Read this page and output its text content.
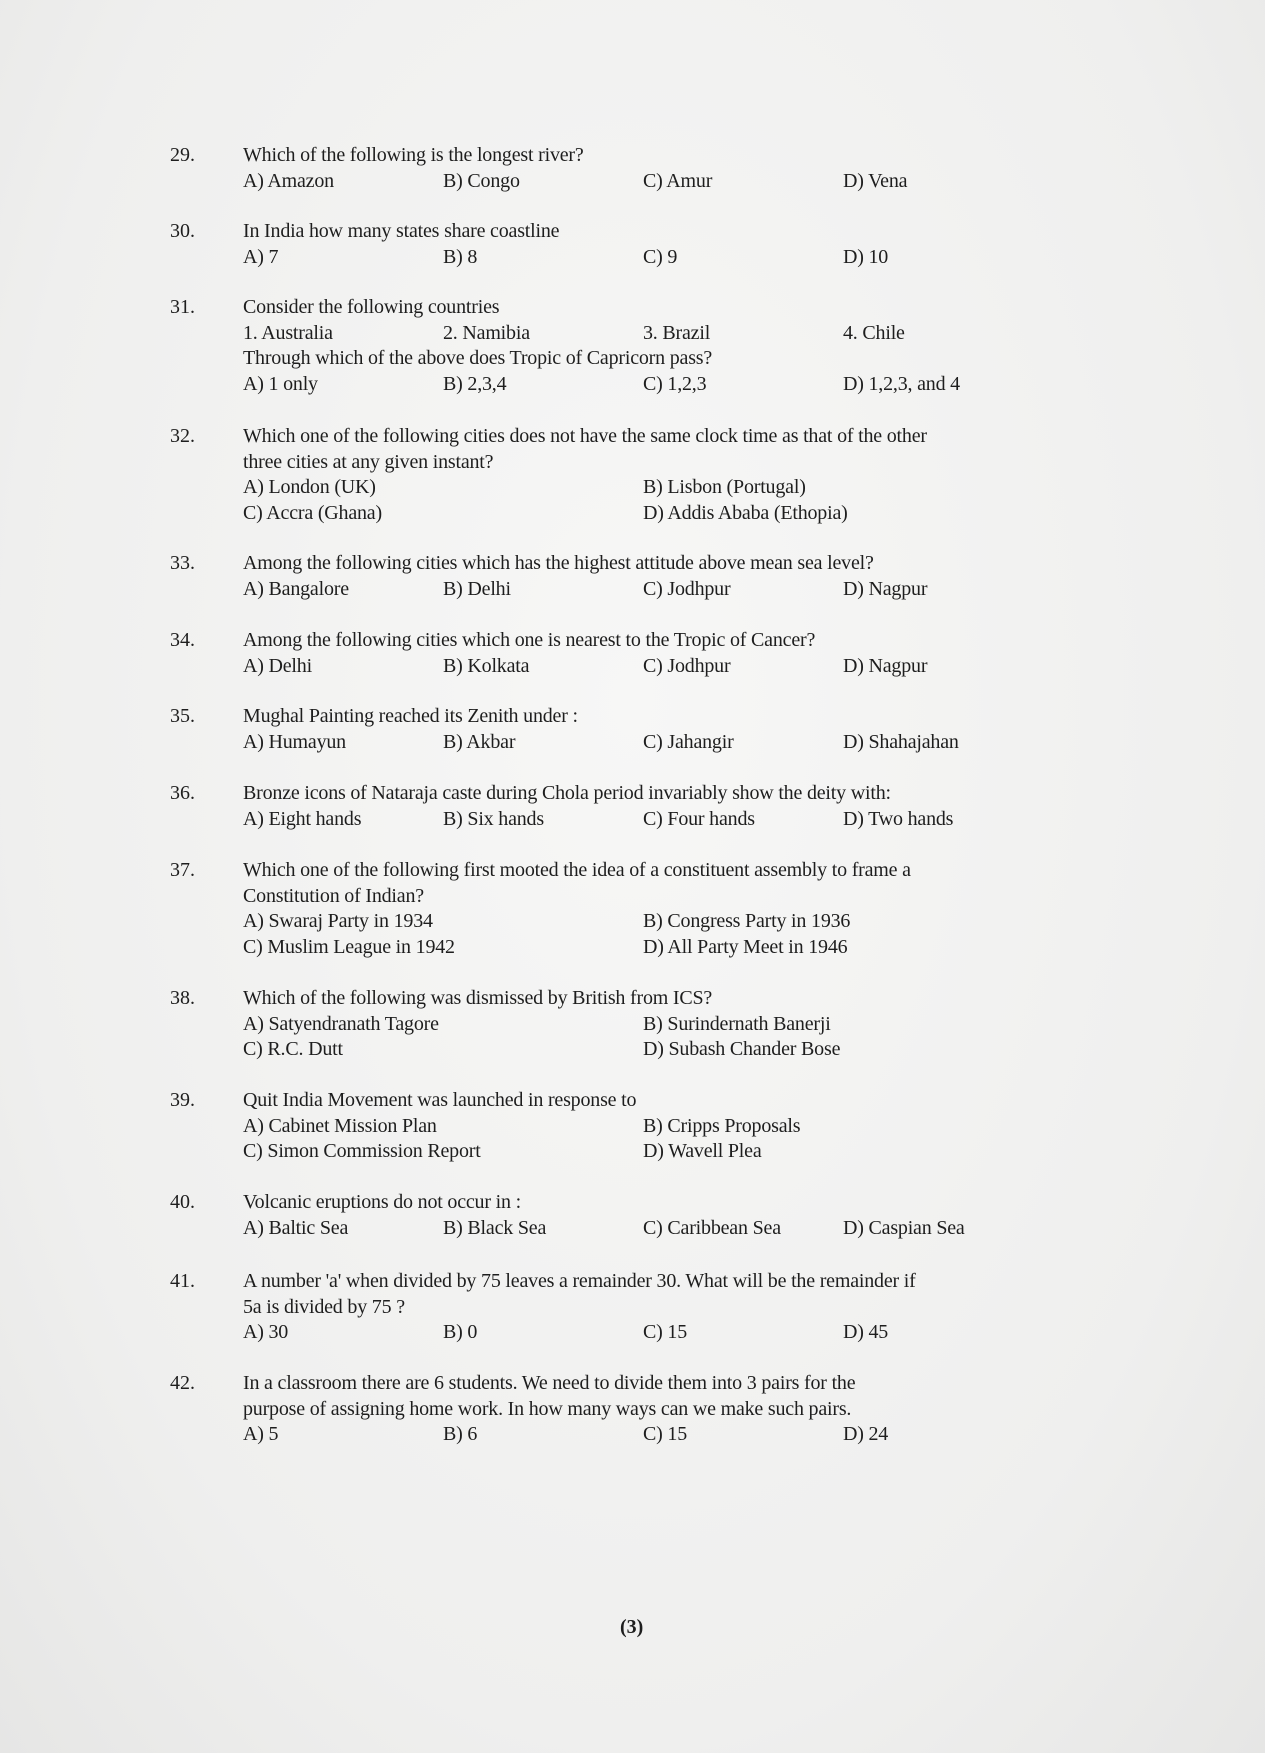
29. Which of the following is the longest river?
A) Amazon	B) Congo	C) Amur	D) Vena
30. In India how many states share coastline
A) 7	B) 8	C) 9	D) 10
31. Consider the following countries
1. Australia	2. Namibia	3. Brazil	4. Chile
Through which of the above does Tropic of Capricorn pass?
A) 1 only	B) 2,3,4	C) 1,2,3	D) 1,2,3, and 4
32. Which one of the following cities does not have the same clock time as that of the other
three cities at any given instant?
A) London (UK)	B) Lisbon (Portugal)
C) Accra (Ghana)	D) Addis Ababa (Ethopia)
33. Among the following cities which has the highest attitude above mean sea level?
A) Bangalore	B) Delhi	C) Jodhpur	D) Nagpur
34. Among the following cities which one is nearest to the Tropic of Cancer?
A) Delhi	B) Kolkata	C) Jodhpur	D) Nagpur
35. Mughal Painting reached its Zenith under :
A) Humayun	B) Akbar	C) Jahangir	D) Shahajahan
36. Bronze icons of Nataraja caste during Chola period invariably show the deity with:
A) Eight hands	B) Six hands	C) Four hands	D) Two hands
37. Which one of the following first mooted the idea of a constituent assembly to frame a
Constitution of Indian?
A) Swaraj Party in 1934	B) Congress Party in 1936
C) Muslim League in 1942	D) All Party Meet in 1946
38. Which of the following was dismissed by British from ICS?
A) Satyendranath Tagore	B) Surindernath Banerji
C) R.C. Dutt	D) Subash Chander Bose
39. Quit India Movement was launched in response to
A) Cabinet Mission Plan	B) Cripps Proposals
C) Simon Commission Report	D) Wavell Plea
40. Volcanic eruptions do not occur in :
A) Baltic Sea	B) Black Sea	C) Caribbean Sea	D) Caspian Sea
41. A number 'a' when divided by 75 leaves a remainder 30. What will be the remainder if
5a is divided by 75 ?
A) 30	B) 0	C) 15	D) 45
42. In a classroom there are 6 students. We need to divide them into 3 pairs for the
purpose of assigning home work. In how many ways can we make such pairs.
A) 5	B) 6	C) 15	D) 24
(3)
